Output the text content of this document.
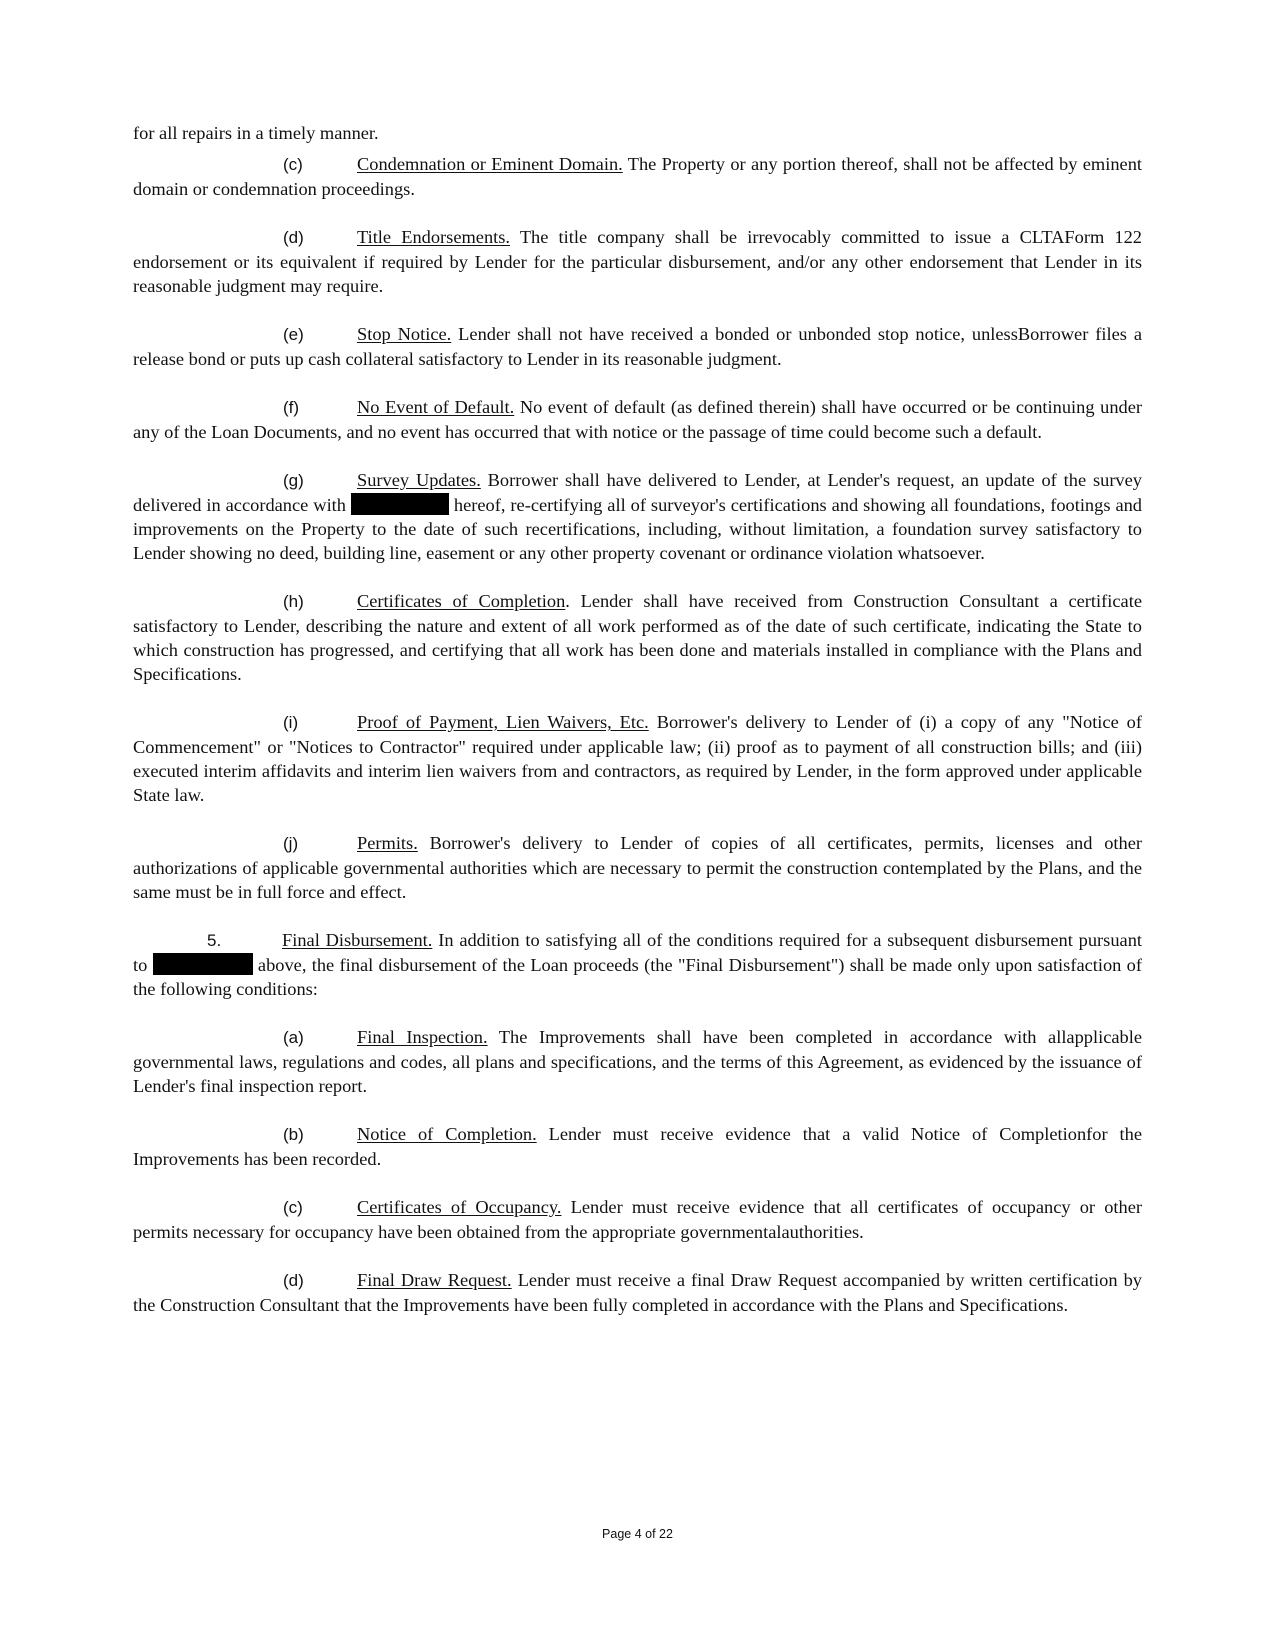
for all repairs in a timely manner.

(c)	Condemnation or Eminent Domain. The Property or any portion thereof, shall not be affected by eminent domain or condemnation proceedings.

(d)	Title Endorsements. The title company shall be irrevocably committed to issue a CLTAForm 122 endorsement or its equivalent if required by Lender for the particular disbursement, and/or any other endorsement that Lender in its reasonable judgment may require.

(e)	Stop Notice. Lender shall not have received a bonded or unbonded stop notice, unlessBorrower files a release bond or puts up cash collateral satisfactory to Lender in its reasonable judgment.

(f)	No Event of Default. No event of default (as defined therein) shall have occurred or be continuing under any of the Loan Documents, and no event has occurred that with notice or the passage of time could become such a default.

(g)	Survey Updates. Borrower shall have delivered to Lender, at Lender's request, an update of the survey delivered in accordance with	hereof, re-certifying all of surveyor's certifications and showing all foundations, footings and improvements on the Property to the date of such recertifications, including, without limitation, a foundation survey satisfactory to Lender showing no deed, building line, easement or any other property covenant or ordinance violation whatsoever.

(h)	Certificates of Completion. Lender shall have received from Construction Consultant a certificate satisfactory to Lender, describing the nature and extent of all work performed as of the date of such certificate, indicating the State to which construction has progressed, and certifying that all work has been done and materials installed in compliance with the Plans and Specifications.

(i)	Proof of Payment, Lien Waivers, Etc. Borrower's delivery to Lender of (i) a copy of any "Notice of Commencement" or "Notices to Contractor" required under applicable law; (ii) proof as to payment of all construction bills; and (iii) executed interim affidavits and interim lien waivers from and contractors, as required by Lender, in the form approved under applicable State law.

(j)	Permits. Borrower's delivery to Lender of copies of all certificates, permits, licenses and other authorizations of applicable governmental authorities which are necessary to permit the construction contemplated by the Plans, and the same must be in full force and effect.

5.	Final Disbursement. In addition to satisfying all of the conditions required for a subsequent disbursement pursuant to	above, the final disbursement of the Loan proceeds (the "Final Disbursement") shall be made only upon satisfaction of the following conditions:

(a)	Final Inspection. The Improvements shall have been completed in accordance with allapplicable governmental laws, regulations and codes, all plans and specifications, and the terms of this Agreement, as evidenced by the issuance of Lender's final inspection report.

(b)	Notice of Completion. Lender must receive evidence that a valid Notice of Completionfor the Improvements has been recorded.

(c)	Certificates of Occupancy. Lender must receive evidence that all certificates of occupancy or other permits necessary for occupancy have been obtained from the appropriate governmentalauthorities.

(d)	Final Draw Request. Lender must receive a final Draw Request accompanied by written certification by the Construction Consultant that the Improvements have been fully completed in accordance with the Plans and Specifications.

Page 4 of 22
